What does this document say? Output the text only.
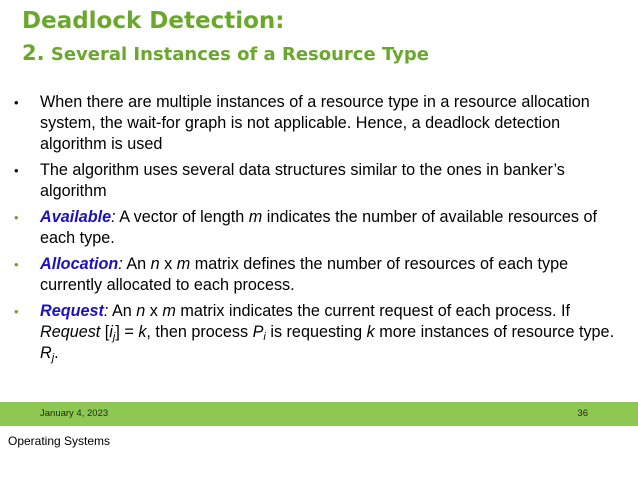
Deadlock Detection:
2. Several Instances of a Resource Type
• When there are multiple instances of a resource type in a resource allocation system, the wait-for graph is not applicable. Hence, a deadlock detection algorithm is used
• The algorithm uses several data structures similar to the ones in banker’s algorithm
• Available: A vector of length m indicates the number of available resources of each type.
• Allocation: An n x m matrix defines the number of resources of each type currently allocated to each process.
• Request: An n x m matrix indicates the current request of each process. If Request $[i_j] = k$, then process $P_i$ is requesting k more instances of resource type. $R_j$.
January 4, 2023	36
Operating Systems
